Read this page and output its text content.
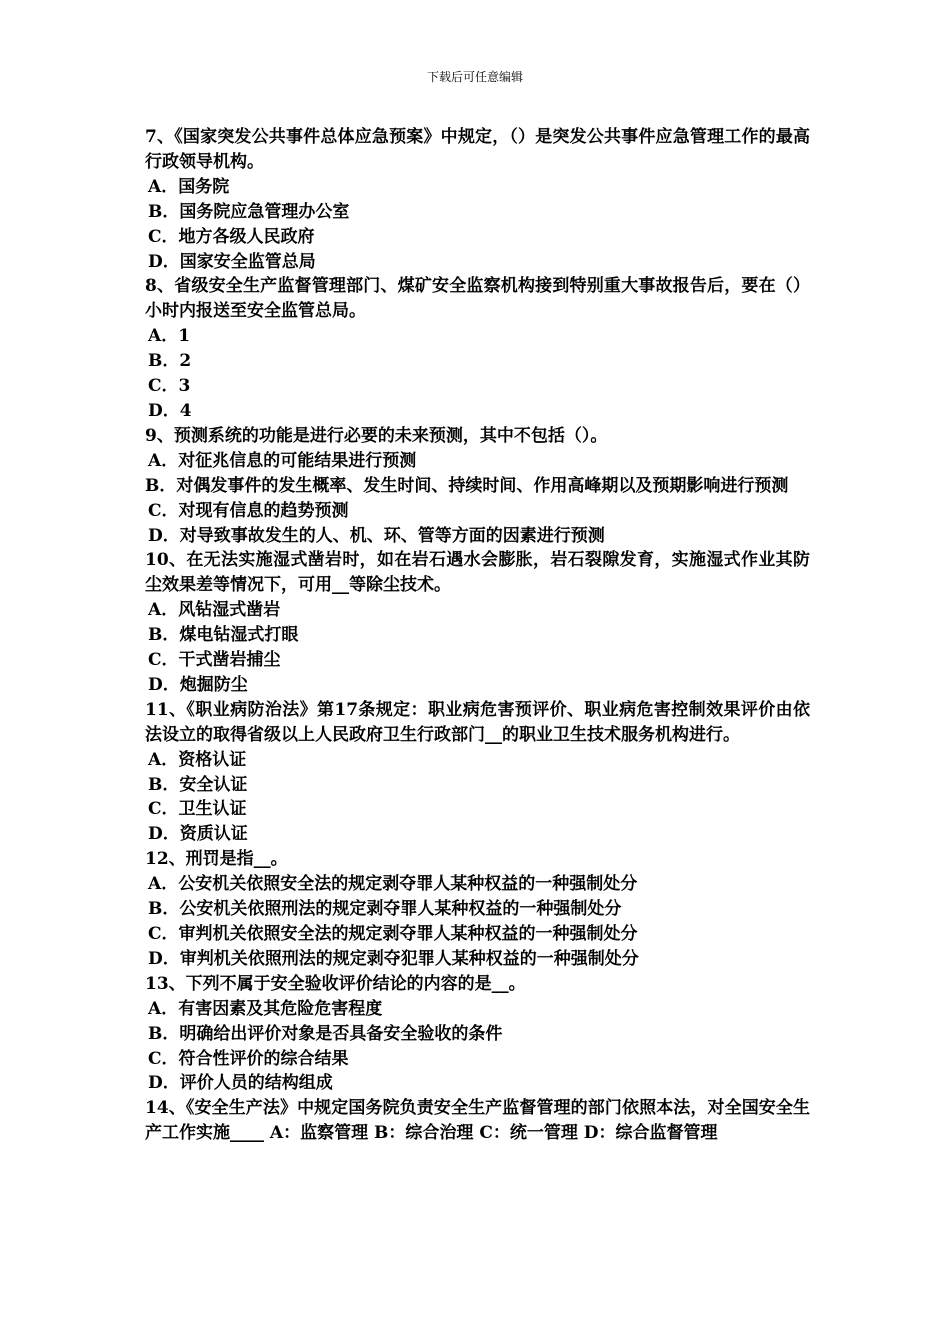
下载后可任意编辑

7、《国家突发公共事件总体应急预案》中规定，（）是突发公共事件应急管理工作的最高行政领导机构。

A．国务院

B．国务院应急管理办公室

C．地方各级人民政府

D．国家安全监管总局

8、省级安全生产监督管理部门、煤矿安全监察机构接到特别重大事故报告后，要在（）小时内报送至安全监管总局。

A．1

B．2

C．3

D．4

9、预测系统的功能是进行必要的未来预测，其中不包括（）。

A．对征兆信息的可能结果进行预测

B．对偶发事件的发生概率、发生时间、持续时间、作用高峰期以及预期影响进行预测

C．对现有信息的趋势预测

D．对导致事故发生的人、机、环、管等方面的因素进行预测

10、在无法实施湿式凿岩时，如在岩石遇水会膨胀，岩石裂隙发育，实施湿式作业其防尘效果差等情况下，可用__等除尘技术。

A．风钻湿式凿岩

B．煤电钻湿式打眼

C．干式凿岩捕尘

D．炮掘防尘

11、《职业病防治法》第17条规定：职业病危害预评价、职业病危害控制效果评价由依法设立的取得省级以上人民政府卫生行政部门__的职业卫生技术服务机构进行。

A．资格认证

B．安全认证

C．卫生认证

D．资质认证

12、刑罚是指__。

A．公安机关依照安全法的规定剥夺罪人某种权益的一种强制处分

B．公安机关依照刑法的规定剥夺罪人某种权益的一种强制处分

C．审判机关依照安全法的规定剥夺罪人某种权益的一种强制处分

D．审判机关依照刑法的规定剥夺犯罪人某种权益的一种强制处分

13、下列不属于安全验收评价结论的内容的是__。

A．有害因素及其危险危害程度

B．明确给出评价对象是否具备安全验收的条件

C．符合性评价的综合结果

D．评价人员的结构组成

14、《安全生产法》中规定国务院负责安全生产监督管理的部门依照本法，对全国安全生产工作实施____ A：监察管理 B：综合治理 C：统一管理 D：综合监督管理
